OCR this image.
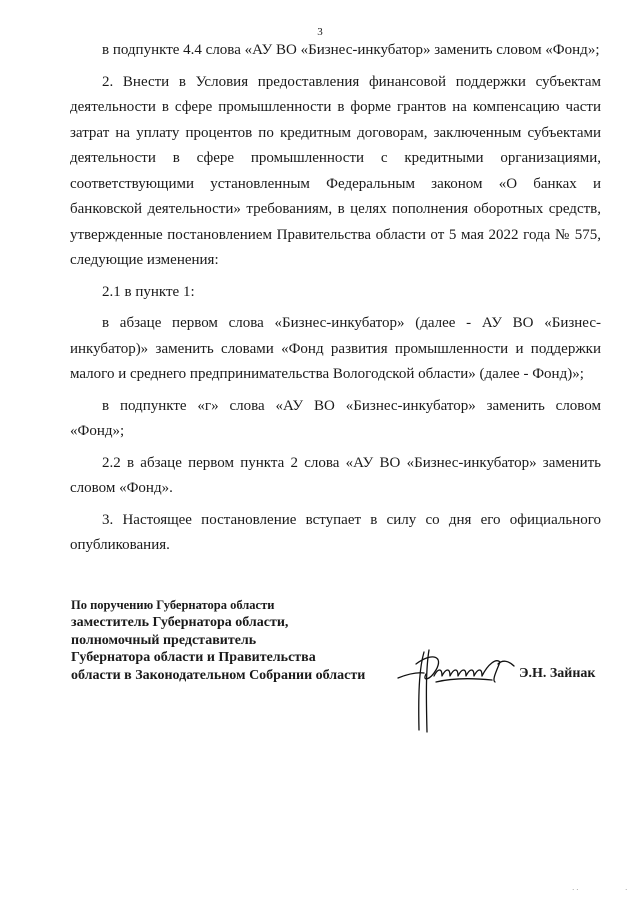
3

в подпункте 4.4 слова «АУ ВО «Бизнес-инкубатор» заменить словом «Фонд»;

2. Внести в Условия предоставления финансовой поддержки субъектам деятельности в сфере промышленности в форме грантов на компенсацию части затрат на уплату процентов по кредитным договорам, заключенным субъектами деятельности в сфере промышленности с кредитными организациями, соответствующими установленным Федеральным законом «О банках и банковской деятельности» требованиям, в целях пополнения оборотных средств, утвержденные постановлением Правительства области от 5 мая 2022 года № 575, следующие изменения:

2.1 в пункте 1:

в абзаце первом слова «Бизнес-инкубатор» (далее - АУ ВО «Бизнес-инкубатор)» заменить словами «Фонд развития промышленности и поддержки малого и среднего предпринимательства Вологодской области» (далее - Фонд)»;

в подпункте «г» слова «АУ ВО «Бизнес-инкубатор» заменить словом «Фонд»;

2.2 в абзаце первом пункта 2 слова «АУ ВО «Бизнес-инкубатор» заменить словом «Фонд».

3. Настоящее постановление вступает в силу со дня его официального опубликования.

По поручению Губернатора области
заместитель Губернатора области,
полномочный представитель
Губернатора области и Правительства
области в Законодательном Собрании области	Э.Н. Зайнак
· ·	·
